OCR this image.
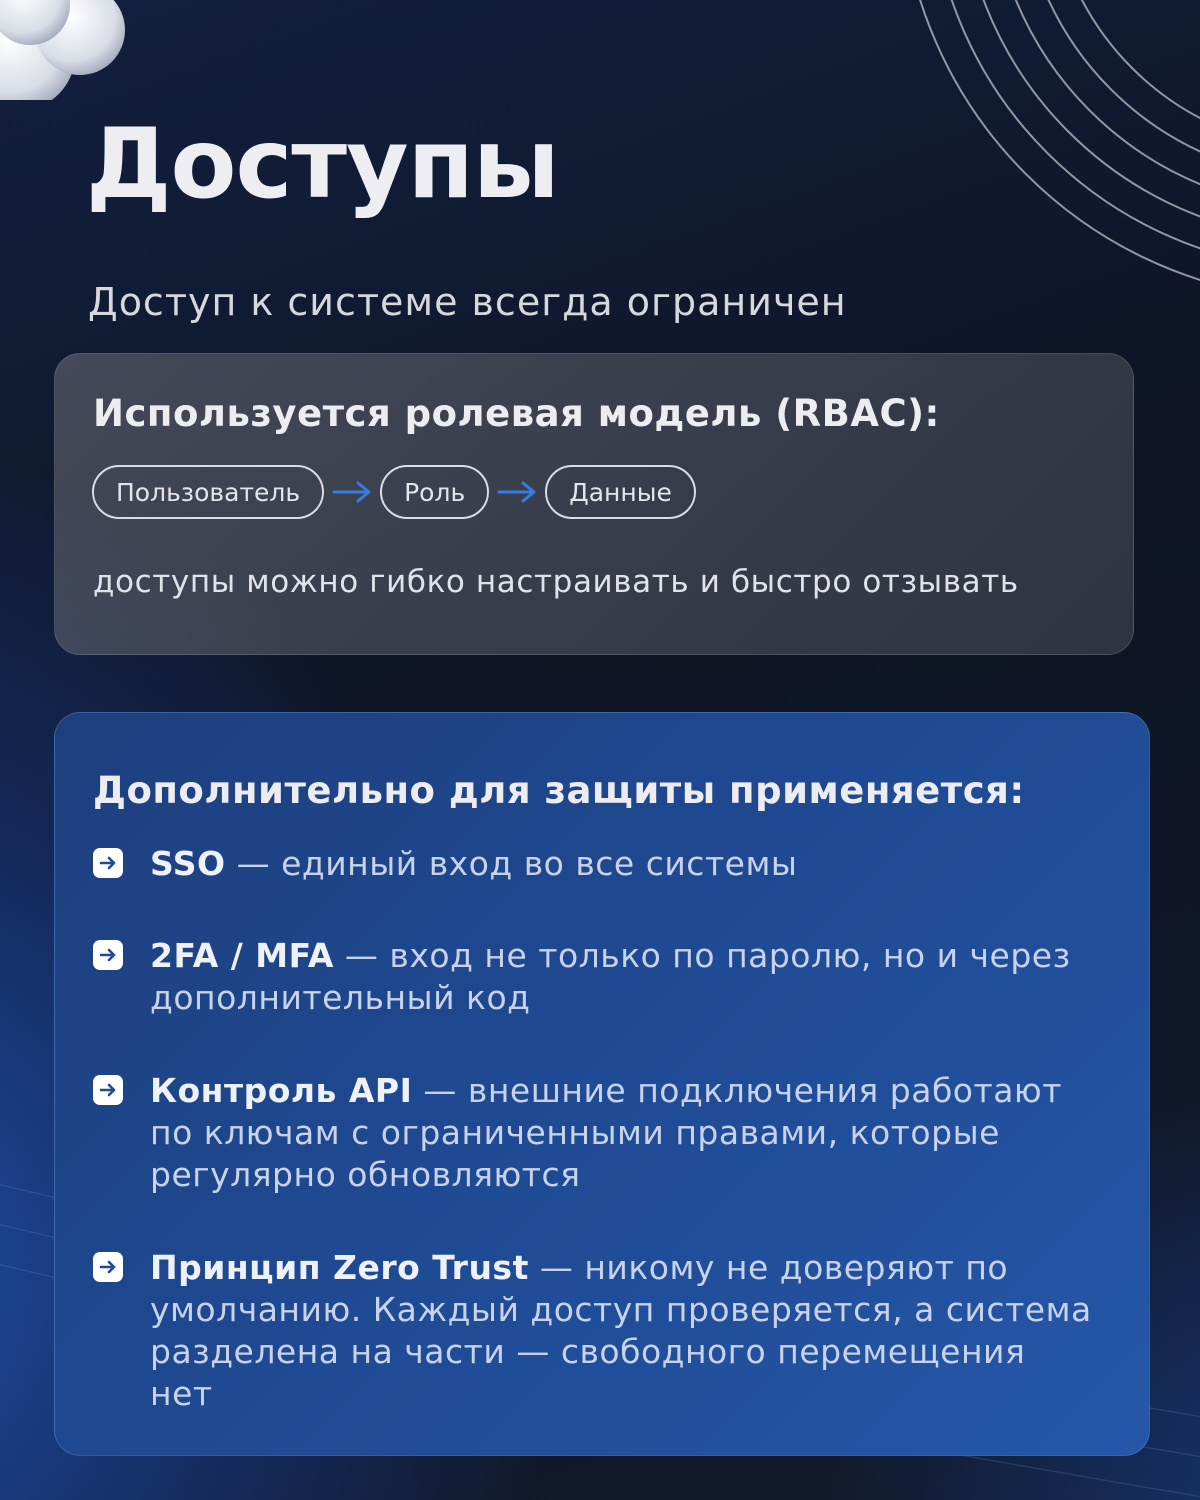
Доступы
Доступ к системе всегда ограничен
Используется ролевая модель (RBAC):
Пользователь	Роль	Данные
доступы можно гибко настраивать и быстро отзывать
Дополнительно для защиты применяется:
SSO — единый вход во все системы
2FA / MFA — вход не только по паролю, но и через дополнительный код
Контроль API — внешние подключения работают по ключам с ограниченными правами, которые регулярно обновляются
Принцип Zero Trust — никому не доверяют по умолчанию. Каждый доступ проверяется, а система разделена на части — свободного перемещения нет
